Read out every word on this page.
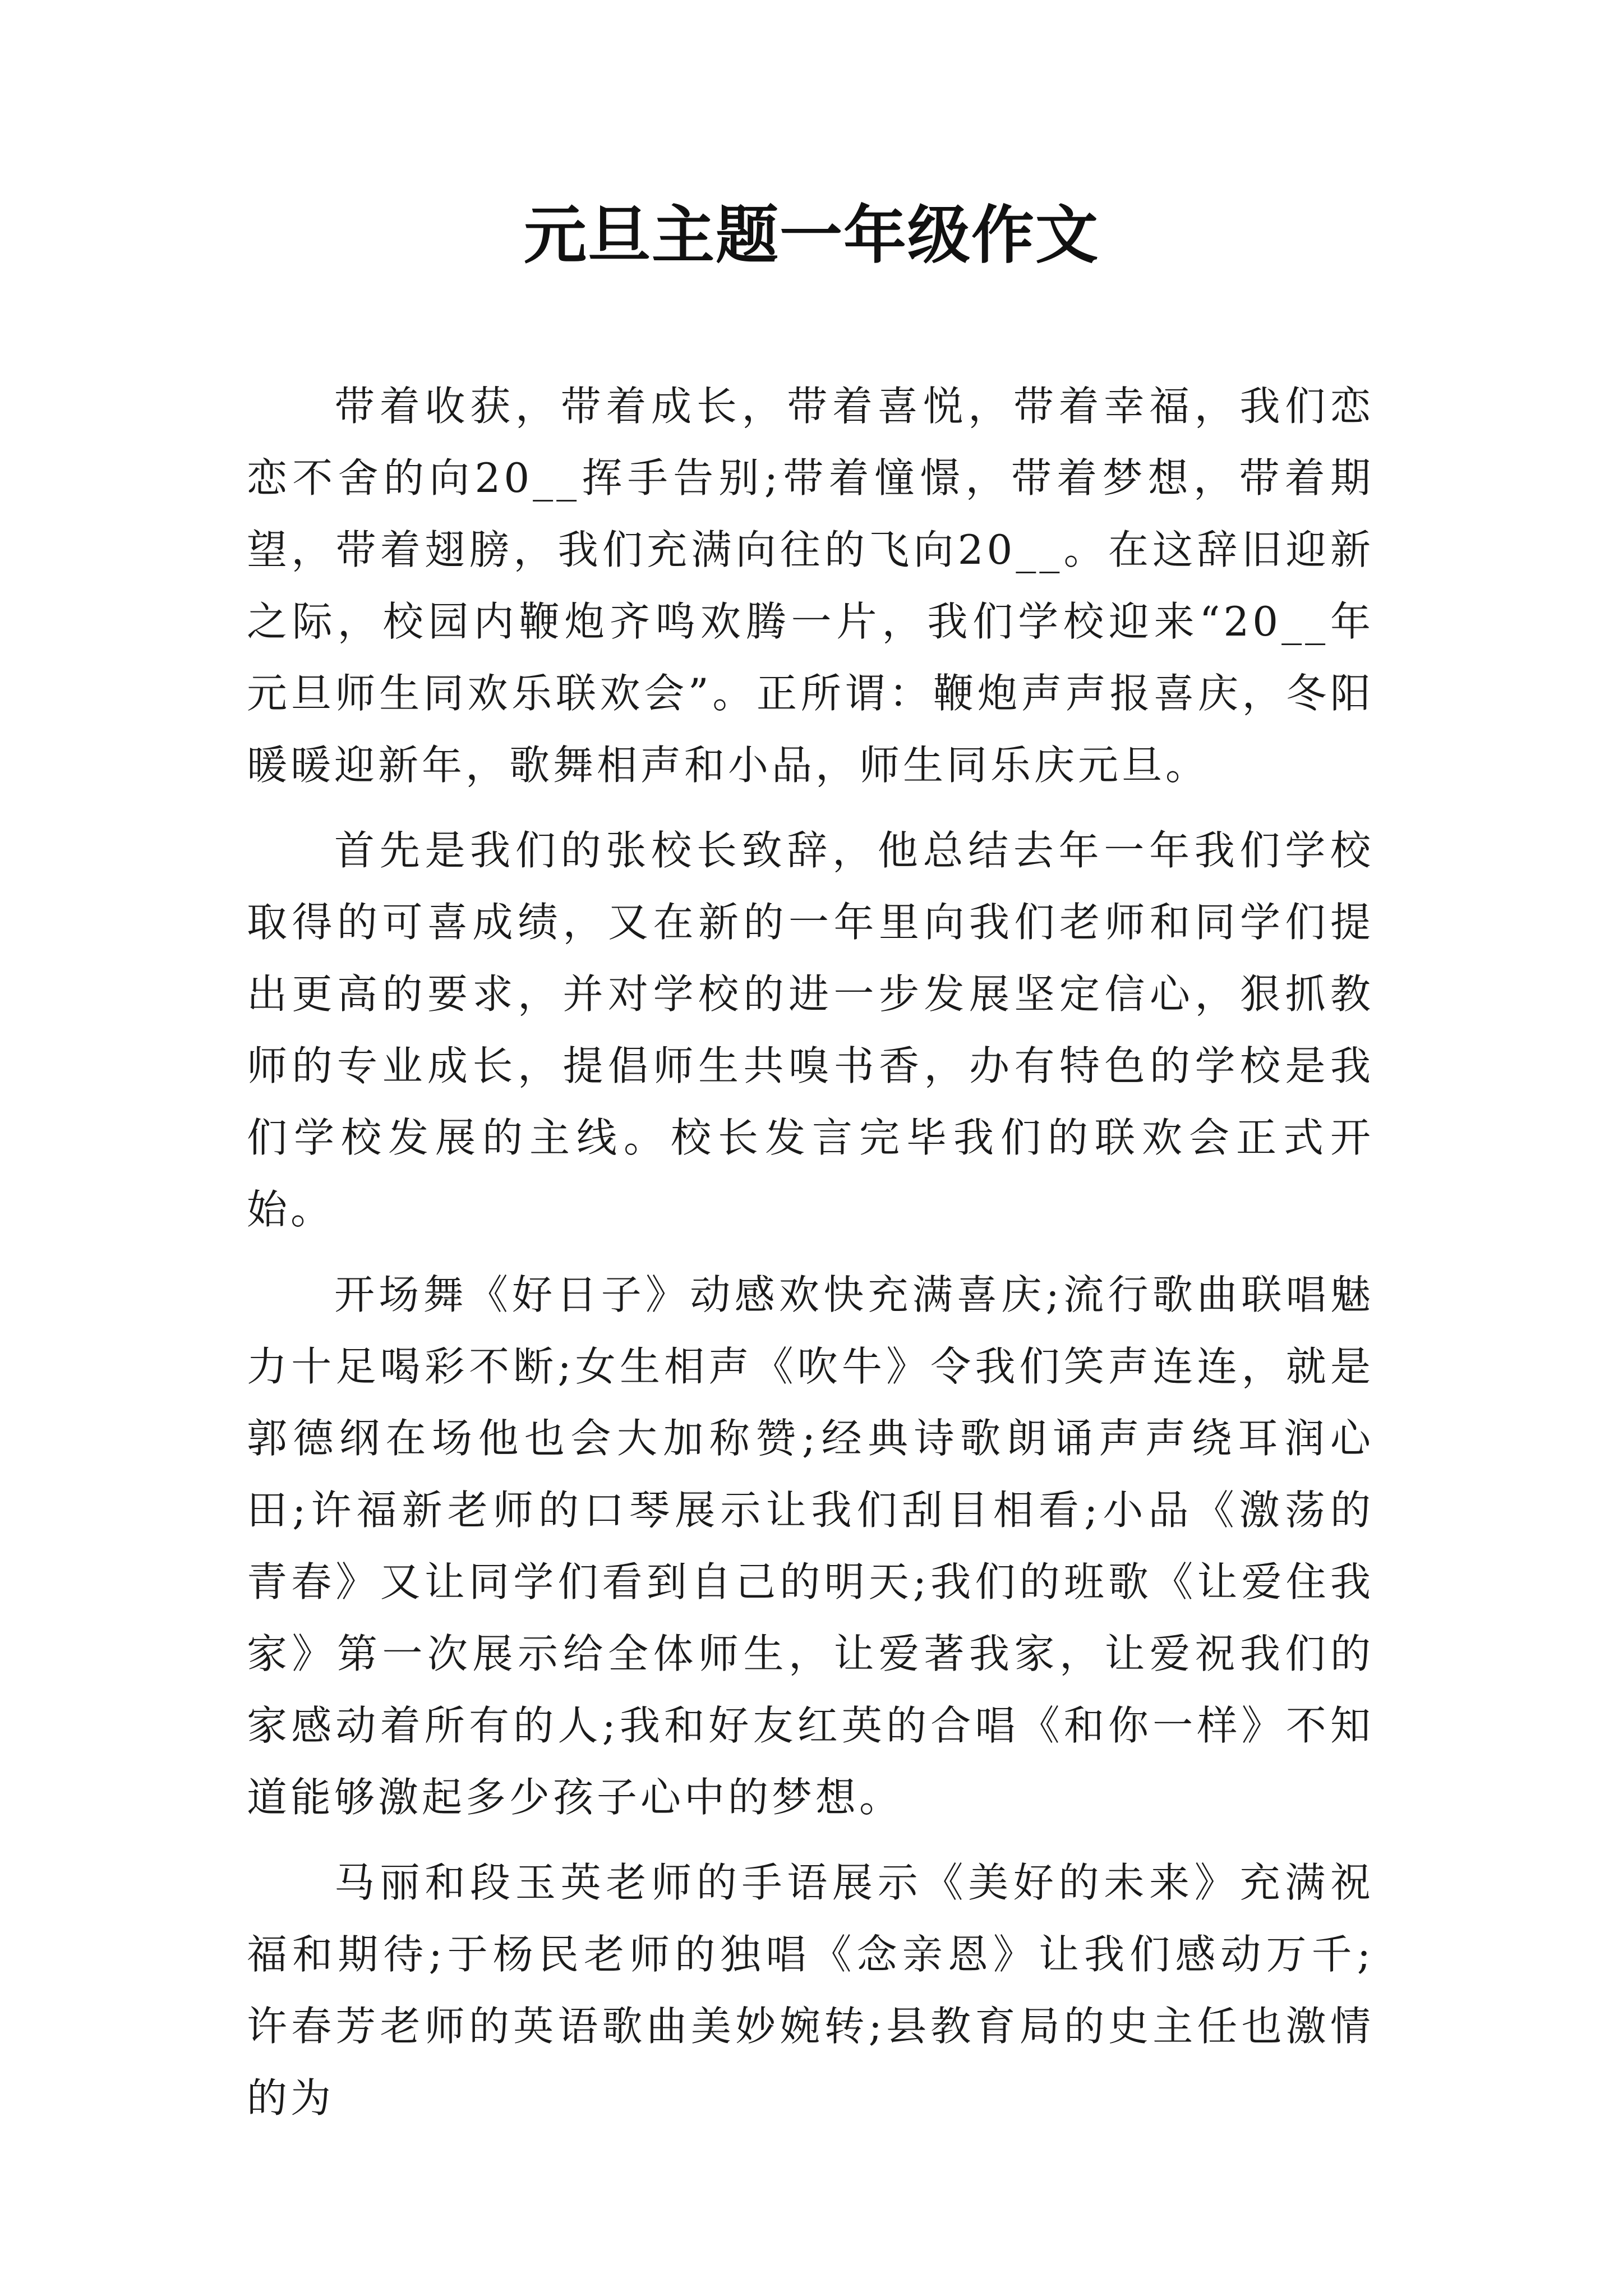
元旦主题一年级作文

带着收获，带着成长，带着喜悦，带着幸福，我们恋恋不舍的向20__挥手告别;带着憧憬，带着梦想，带着期望，带着翅膀，我们充满向往的飞向20__。在这辞旧迎新之际，校园内鞭炮齐鸣欢腾一片，我们学校迎来“20__年元旦师生同欢乐联欢会”。正所谓：鞭炮声声报喜庆，冬阳暖暖迎新年，歌舞相声和小品，师生同乐庆元旦。

首先是我们的张校长致辞，他总结去年一年我们学校取得的可喜成绩，又在新的一年里向我们老师和同学们提出更高的要求，并对学校的进一步发展坚定信心，狠抓教师的专业成长，提倡师生共嗅书香，办有特色的学校是我们学校发展的主线。校长发言完毕我们的联欢会正式开始。

开场舞《好日子》动感欢快充满喜庆;流行歌曲联唱魅力十足喝彩不断;女生相声《吹牛》令我们笑声连连，就是郭德纲在场他也会大加称赞;经典诗歌朗诵声声绕耳润心田;许福新老师的口琴展示让我们刮目相看;小品《激荡的青春》又让同学们看到自己的明天;我们的班歌《让爱住我家》第一次展示给全体师生，让爱著我家，让爱祝我们的家感动着所有的人;我和好友红英的合唱《和你一样》不知道能够激起多少孩子心中的梦想。

马丽和段玉英老师的手语展示《美好的未来》充满祝福和期待;于杨民老师的独唱《念亲恩》让我们感动万千;许春芳老师的英语歌曲美妙婉转;县教育局的史主任也激情的为
